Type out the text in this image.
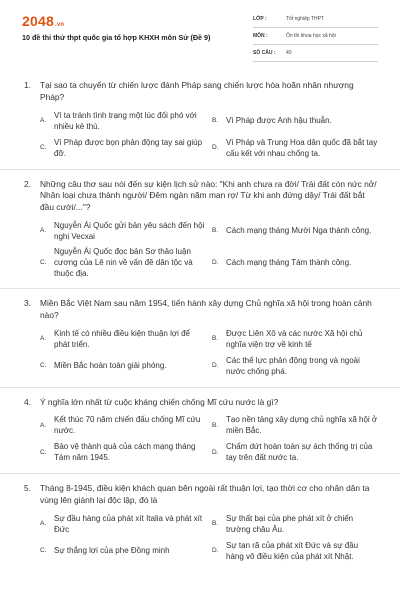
2048.vn
10 đề thi thử thpt quốc gia tổ hợp KHXH môn Sử (Đề 9)
LỚP :	Tốt nghiệp THPT
MÔN :	Ôn thi khoa học xã hội
SỐ CÂU :	40
1. Tại sao ta chuyển từ chiến lược đánh Pháp sang chiến lược hòa hoãn nhân nhượng Pháp?
A.
Vì ta tránh tình trạng một lúc đối phó với nhiều kẻ thù.
B. Vì Pháp được Anh hậu thuẫn.
C.
Vì Pháp được bọn phản động tay sai giúp đỡ.
D.
Vì Pháp và Trung Hoa dân quốc đã bắt tay cấu kết với nhau chống ta.
2. Những câu thơ sau nói đến sự kiện lịch sử nào: "Khi anh chưa ra đời/ Trái đất còn nức nở/ Nhân loại chưa thành người/ Đêm ngàn năm man rợ/ Từ khi anh đứng dậy/ Trái đất bắt đầu cười/..."?
A.
Nguyễn Ái Quốc gửi bản yêu sách đến hội nghị Vecxai
B. Cách mạng tháng Mười Nga thành công.
C.
Nguyễn Ái Quốc đọc bản Sơ thảo luận cương của Lê nin về vấn đề dân tộc và thuộc địa.
D. Cách mạng tháng Tám thành công.
3. Miền Bắc Việt Nam sau năm 1954, tiến hành xây dựng Chủ nghĩa xã hội trong hoàn cảnh nào?
A.
Kinh tế có nhiều điều kiện thuận lợi để phát triển.
B.
Được Liên Xô và các nước Xã hội chủ nghĩa viện trợ về kinh tế
C. Miền Bắc hoàn toàn giải phóng.	D.
Các thế lực phản động trong và ngoài nước chống phá.
4. Ý nghĩa lớn nhất từ cuộc kháng chiến chống Mĩ cứu nước là gì?
A.
Kết thúc 70 năm chiến đấu chống Mĩ cứu nước.
B.
Tạo nền tảng xây dựng chủ nghĩa xã hội ở miền Bắc.
C.
Bảo vệ thành quả của cách mạng tháng Tám năm 1945.
D.
Chấm dứt hoàn toàn sự ách thống trị của tay trên đất nước ta.
5. Tháng 8-1945, điều kiện khách quan bên ngoài rất thuận lợi, tạo thời cơ cho nhân dân ta vùng lên giành lại độc lập, đó là
A.
Sự đầu hàng của phát xít Italia và phát xít Đức
B.
Sự thất bại của phe phát xít ở chiến trường châu Âu.
C. Sự thắng lợi của phe Đồng minh	D.
Sự tan rã của phát xít Đức và sự đầu hàng vô điều kiện của phát xít Nhật.
